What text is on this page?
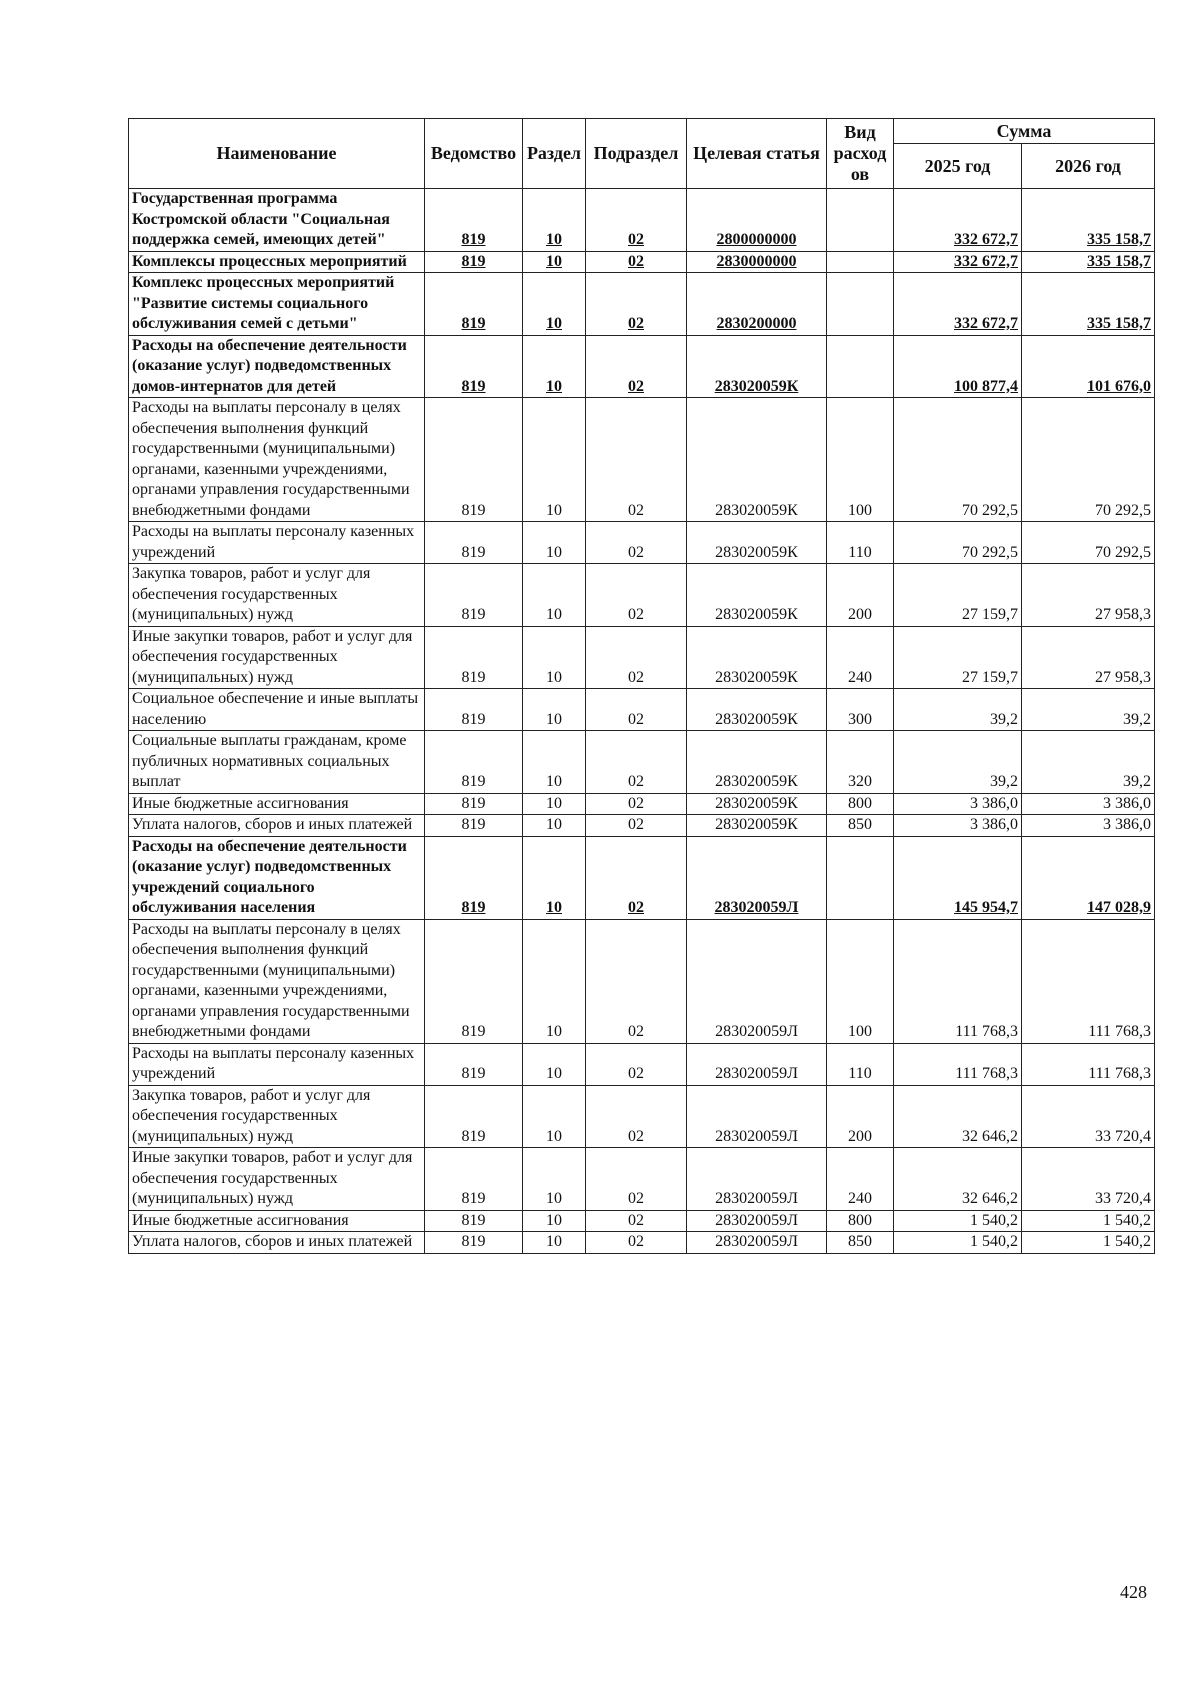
Наименование	Ведомство	Раздел	Подраздел	Целевая статья	Вид расход ов	Сумма	
						2025 год	2026 год
Государственная программа Костромской области "Социальная поддержка семей, имеющих детей"	819	10	02	2800000000		332 672,7	335 158,7
Комплексы процессных мероприятий	819	10	02	2830000000		332 672,7	335 158,7
Комплекс процессных мероприятий "Развитие системы социального обслуживания семей с детьми"	819	10	02	2830200000		332 672,7	335 158,7
Расходы на обеспечение деятельности (оказание услуг) подведомственных домов-интернатов для детей	819	10	02	283020059К		100 877,4	101 676,0
Расходы на выплаты персоналу в целях обеспечения выполнения функций государственными (муниципальными) органами, казенными учреждениями, органами управления государственными внебюджетными фондами	819	10	02	283020059К	100	70 292,5	70 292,5
Расходы на выплаты персоналу казенных учреждений	819	10	02	283020059К	110	70 292,5	70 292,5
Закупка товаров, работ и услуг для обеспечения государственных (муниципальных) нужд	819	10	02	283020059К	200	27 159,7	27 958,3
Иные закупки товаров, работ и услуг для обеспечения государственных (муниципальных) нужд	819	10	02	283020059К	240	27 159,7	27 958,3
Социальное обеспечение и иные выплаты населению	819	10	02	283020059К	300	39,2	39,2
Социальные выплаты гражданам, кроме публичных нормативных социальных выплат	819	10	02	283020059К	320	39,2	39,2
Иные бюджетные ассигнования	819	10	02	283020059К	800	3 386,0	3 386,0
Уплата налогов, сборов и иных платежей	819	10	02	283020059К	850	3 386,0	3 386,0
Расходы на обеспечение деятельности (оказание услуг) подведомственных учреждений социального обслуживания населения	819	10	02	283020059Л		145 954,7	147 028,9
Расходы на выплаты персоналу в целях обеспечения выполнения функций государственными (муниципальными) органами, казенными учреждениями, органами управления государственными внебюджетными фондами	819	10	02	283020059Л	100	111 768,3	111 768,3
Расходы на выплаты персоналу казенных учреждений	819	10	02	283020059Л	110	111 768,3	111 768,3
Закупка товаров, работ и услуг для обеспечения государственных (муниципальных) нужд	819	10	02	283020059Л	200	32 646,2	33 720,4
Иные закупки товаров, работ и услуг для обеспечения государственных (муниципальных) нужд	819	10	02	283020059Л	240	32 646,2	33 720,4
Иные бюджетные ассигнования	819	10	02	283020059Л	800	1 540,2	1 540,2
Уплата налогов, сборов и иных платежей	819	10	02	283020059Л	850	1 540,2	1 540,2
428
